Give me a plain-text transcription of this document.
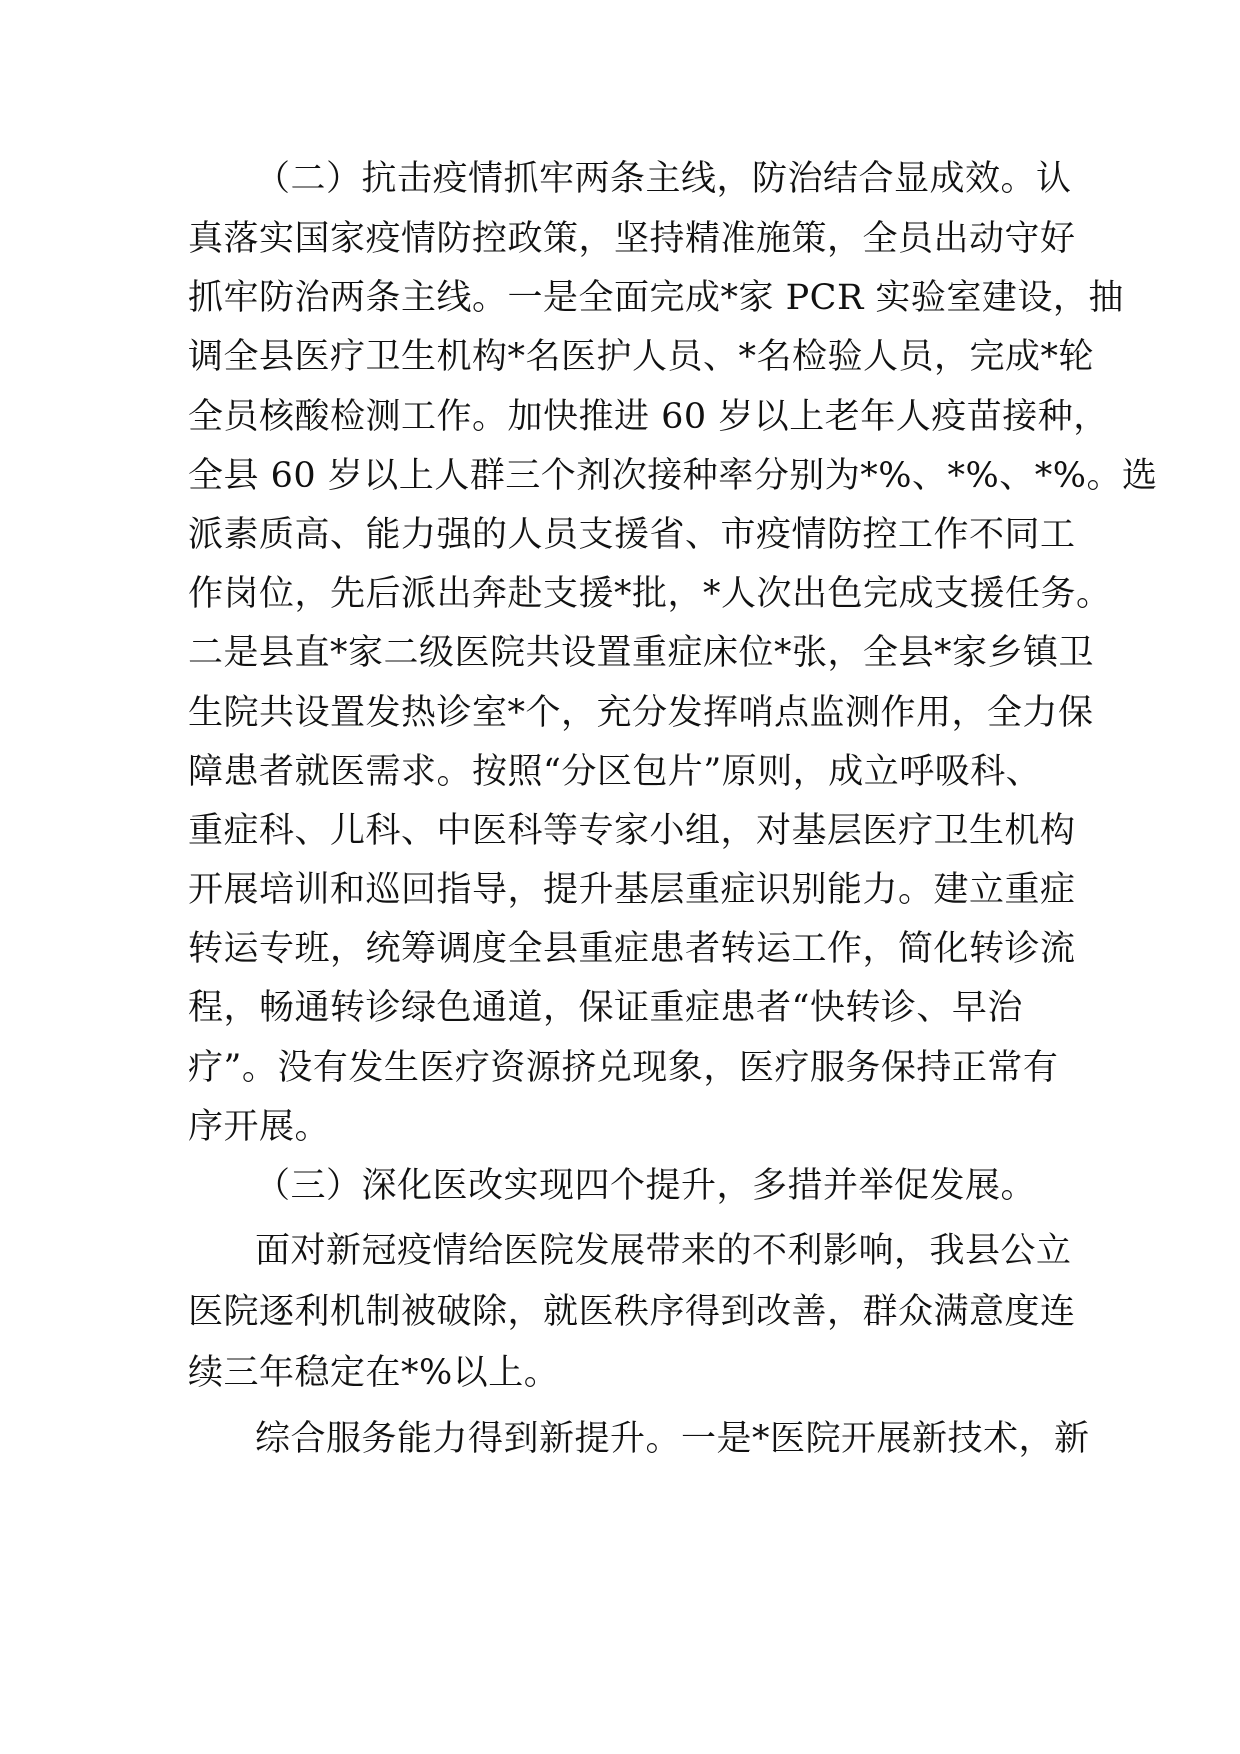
（二）抗击疫情抓牢两条主线，防治结合显成效。认
真落实国家疫情防控政策，坚持精准施策，全员出动守好
抓牢防治两条主线。一是全面完成*家 PCR 实验室建设，抽
调全县医疗卫生机构*名医护人员、*名检验人员，完成*轮
全员核酸检测工作。加快推进 60 岁以上老年人疫苗接种，
全县 60 岁以上人群三个剂次接种率分别为*%、*%、*%。选
派素质高、能力强的人员支援省、市疫情防控工作不同工
作岗位，先后派出奔赴支援*批，*人次出色完成支援任务。
二是县直*家二级医院共设置重症床位*张，全县*家乡镇卫
生院共设置发热诊室*个，充分发挥哨点监测作用，全力保
障患者就医需求。按照“分区包片”原则，成立呼吸科、
重症科、儿科、中医科等专家小组，对基层医疗卫生机构
开展培训和巡回指导，提升基层重症识别能力。建立重症
转运专班，统筹调度全县重症患者转运工作，简化转诊流
程，畅通转诊绿色通道，保证重症患者“快转诊、早治
疗”。没有发生医疗资源挤兑现象，医疗服务保持正常有
序开展。
（三）深化医改实现四个提升，多措并举促发展。
面对新冠疫情给医院发展带来的不利影响，我县公立
医院逐利机制被破除，就医秩序得到改善，群众满意度连
续三年稳定在*%以上。
综合服务能力得到新提升。一是*医院开展新技术，新
